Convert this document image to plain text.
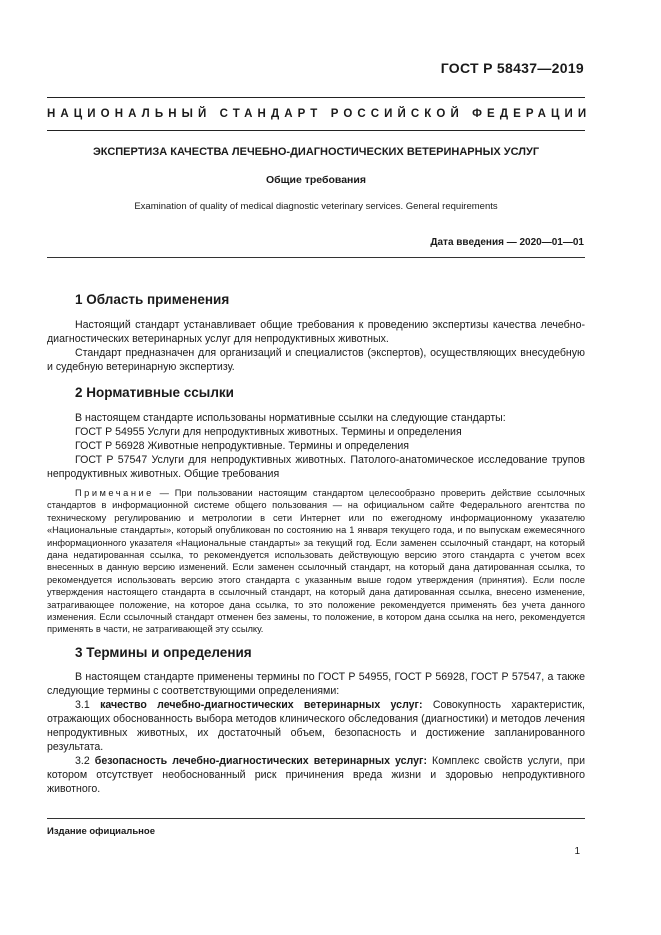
ГОСТ Р 58437—2019
НАЦИОНАЛЬНЫЙ СТАНДАРТ РОССИЙСКОЙ ФЕДЕРАЦИИ
ЭКСПЕРТИЗА КАЧЕСТВА ЛЕЧЕБНО-ДИАГНОСТИЧЕСКИХ ВЕТЕРИНАРНЫХ УСЛУГ
Общие требования
Examination of quality of medical diagnostic veterinary services. General requirements
Дата введения — 2020—01—01
1 Область применения

Настоящий стандарт устанавливает общие требования к проведению экспертизы качества лечебно-диагностических ветеринарных услуг для непродуктивных животных.

Стандарт предназначен для организаций и специалистов (экспертов), осуществляющих внесудебную и судебную ветеринарную экспертизу.

2 Нормативные ссылки

В настоящем стандарте использованы нормативные ссылки на следующие стандарты:

ГОСТ Р 54955 Услуги для непродуктивных животных. Термины и определения

ГОСТ Р 56928 Животные непродуктивные. Термины и определения

ГОСТ Р 57547 Услуги для непродуктивных животных. Патолого-анатомическое исследование трупов непродуктивных животных. Общие требования

Примечание — При пользовании настоящим стандартом целесообразно проверить действие ссылочных стандартов в информационной системе общего пользования — на официальном сайте Федерального агентства по техническому регулированию и метрологии в сети Интернет или по ежегодному информационному указателю «Национальные стандарты», который опубликован по состоянию на 1 января текущего года, и по выпускам ежемесячного информационного указателя «Национальные стандарты» за текущий год. Если заменен ссылочный стандарт, на который дана недатированная ссылка, то рекомендуется использовать действующую версию этого стандарта с учетом всех внесенных в данную версию изменений. Если заменен ссылочный стандарт, на который дана датированная ссылка, то рекомендуется использовать версию этого стандарта с указанным выше годом утверждения (принятия). Если после утверждения настоящего стандарта в ссылочный стандарт, на который дана датированная ссылка, внесено изменение, затрагивающее положение, на которое дана ссылка, то это положение рекомендуется применять без учета данного изменения. Если ссылочный стандарт отменен без замены, то положение, в котором дана ссылка на него, рекомендуется применять в части, не затрагивающей эту ссылку.

3 Термины и определения

В настоящем стандарте применены термины по ГОСТ Р 54955, ГОСТ Р 56928, ГОСТ Р 57547, а также следующие термины с соответствующими определениями:

3.1 качество лечебно-диагностических ветеринарных услуг: Совокупность характеристик, отражающих обоснованность выбора методов клинического обследования (диагностики) и методов лечения непродуктивных животных, их достаточный объем, безопасность и достижение запланированного результата.

3.2 безопасность лечебно-диагностических ветеринарных услуг: Комплекс свойств услуги, при котором отсутствует необоснованный риск причинения вреда жизни и здоровью непродуктивного животного.

Издание официальное
1
